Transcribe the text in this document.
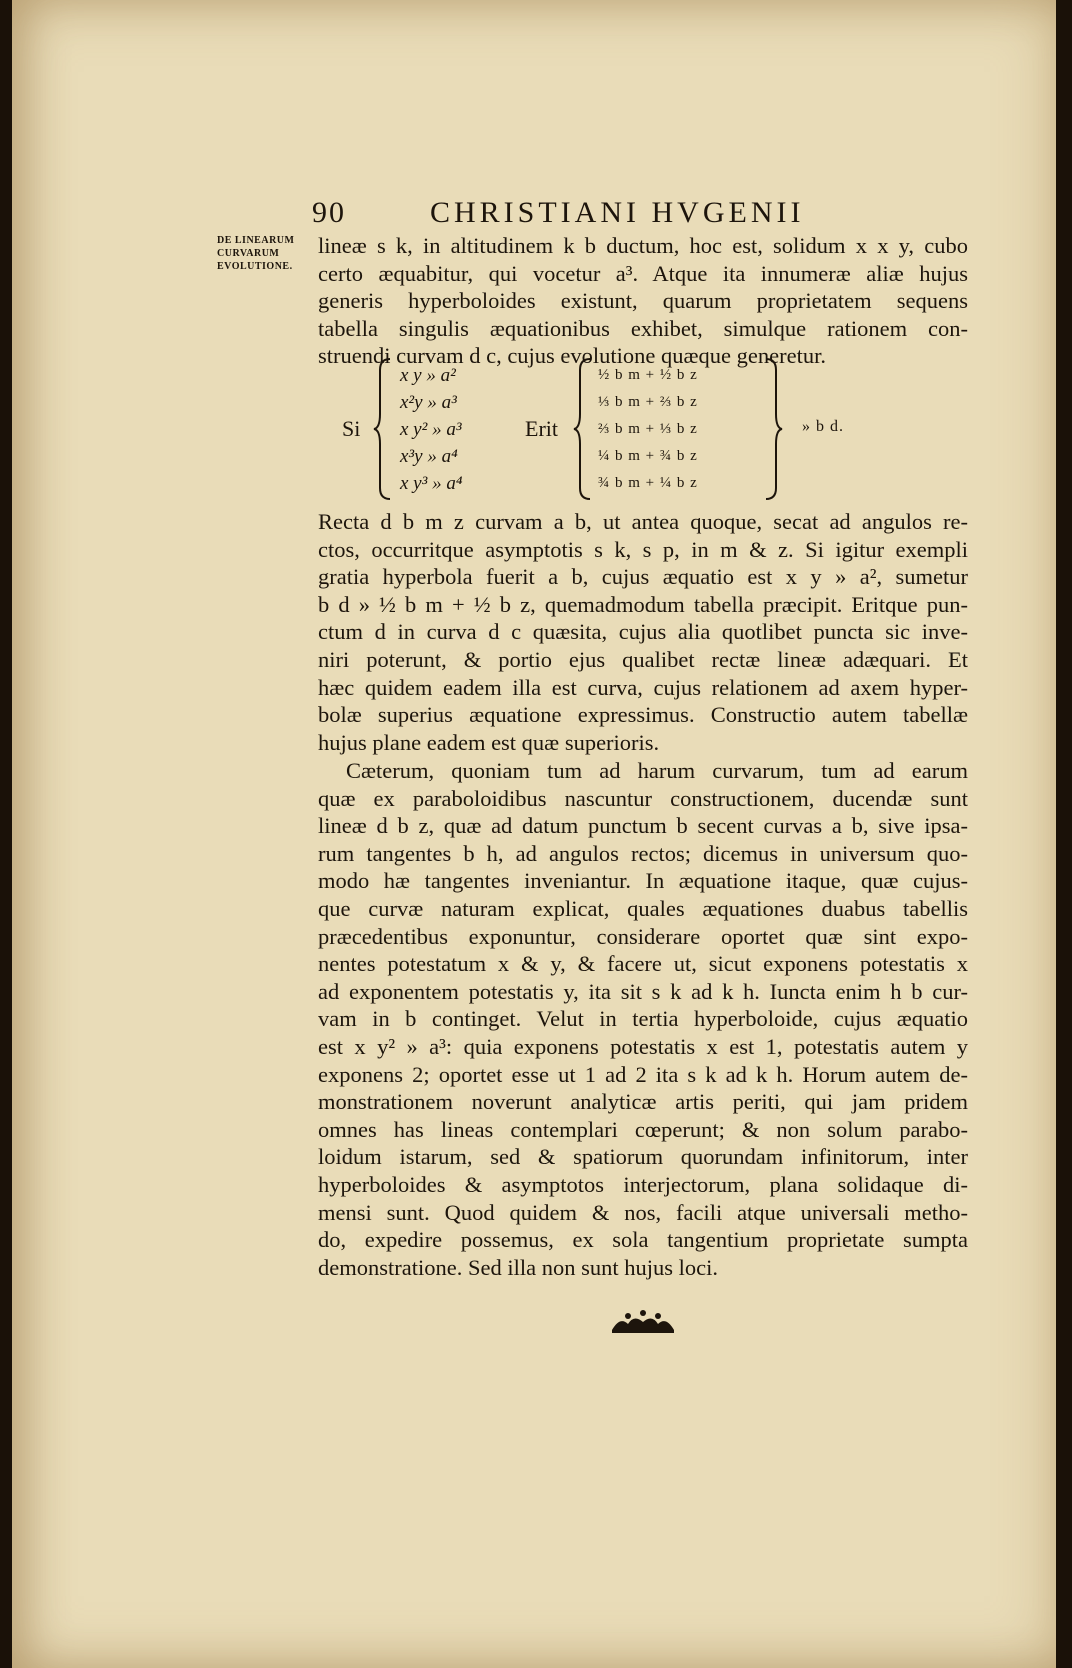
90	CHRISTIANI HVGENII
DE LINEARUM
CURVARUM
EVOLUTIONE.
lineæ s k, in altitudinem k b ductum, hoc est, solidum x x y, cubo
certo æquabitur, qui vocetur a³. Atque ita innumeræ aliæ hujus
generis hyperboloides existunt, quarum proprietatem sequens
tabella singulis æquationibus exhibet, simulque rationem con-
struendi curvam d c, cujus evolutione quæque generetur.
Si
x y » a²
x²y » a³
x y² » a³
x³y » a⁴
x y³ » a⁴
Erit
½ b m + ½ b z
⅓ b m + ⅔ b z
⅔ b m + ⅓ b z
¼ b m + ¾ b z
¾ b m + ¼ b z
» b d.
Recta d b m z curvam a b, ut antea quoque, secat ad angulos re-
ctos, occurritque asymptotis s k, s p, in m & z. Si igitur exempli
gratia hyperbola fuerit a b, cujus æquatio est x y » a², sumetur
b d » ½ b m + ½ b z, quemadmodum tabella præcipit. Eritque pun-
ctum d in curva d c quæsita, cujus alia quotlibet puncta sic inve-
niri poterunt, & portio ejus qualibet rectæ lineæ adæquari. Et
hæc quidem eadem illa est curva, cujus relationem ad axem hyper-
bolæ superius æquatione expressimus. Constructio autem tabellæ
hujus plane eadem est quæ superioris.
Cæterum, quoniam tum ad harum curvarum, tum ad earum
quæ ex paraboloidibus nascuntur constructionem, ducendæ sunt
lineæ d b z, quæ ad datum punctum b secent curvas a b, sive ipsa-
rum tangentes b h, ad angulos rectos; dicemus in universum quo-
modo hæ tangentes inveniantur. In æquatione itaque, quæ cujus-
que curvæ naturam explicat, quales æquationes duabus tabellis
præcedentibus exponuntur, considerare oportet quæ sint expo-
nentes potestatum x & y, & facere ut, sicut exponens potestatis x
ad exponentem potestatis y, ita sit s k ad k h. Iuncta enim h b cur-
vam in b continget. Velut in tertia hyperboloide, cujus æquatio
est x y² » a³: quia exponens potestatis x est 1, potestatis autem y
exponens 2; oportet esse ut 1 ad 2 ita s k ad k h. Horum autem de-
monstrationem noverunt analyticæ artis periti, qui jam pridem
omnes has lineas contemplari cœperunt; & non solum parabo-
loidum istarum, sed & spatiorum quorundam infinitorum, inter
hyperboloides & asymptotos interjectorum, plana solidaque di-
mensi sunt. Quod quidem & nos, facili atque universali metho-
do, expedire possemus, ex sola tangentium proprietate sumpta
demonstratione. Sed illa non sunt hujus loci.
